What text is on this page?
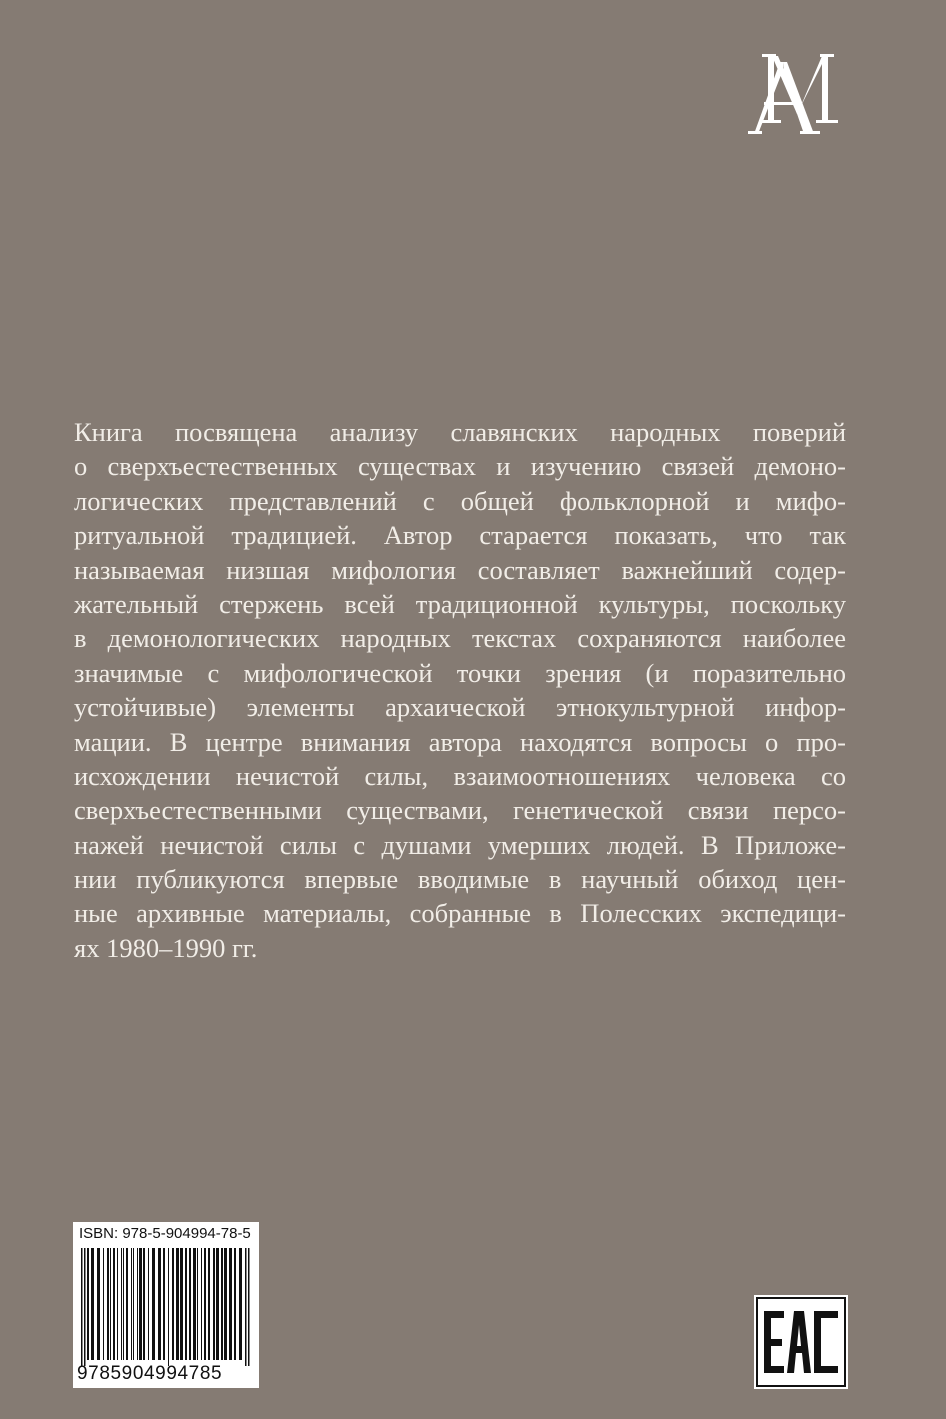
Книга посвящена анализу славянских народных поверий
о сверхъестественных существах и изучению связей демоно-
логических представлений с общей фольклорной и мифо-
ритуальной традицией. Автор старается показать, что так
называемая низшая мифология составляет важнейший содер-
жательный стержень всей традиционной культуры, поскольку
в демонологических народных текстах сохраняются наиболее
значимые с мифологической точки зрения (и поразительно
устойчивые) элементы архаической этнокультурной инфор-
мации. В центре внимания автора находятся вопросы о про-
исхождении нечистой силы, взаимоотношениях человека со
сверхъестественными существами, генетической связи персо-
нажей нечистой силы с душами умерших людей. В Приложе-
нии публикуются впервые вводимые в научный обиход цен-
ные архивные материалы, собранные в Полесских экспедици-
ях 1980–1990 гг.
ISBN: 978-5-904994-78-5
9785904994785
